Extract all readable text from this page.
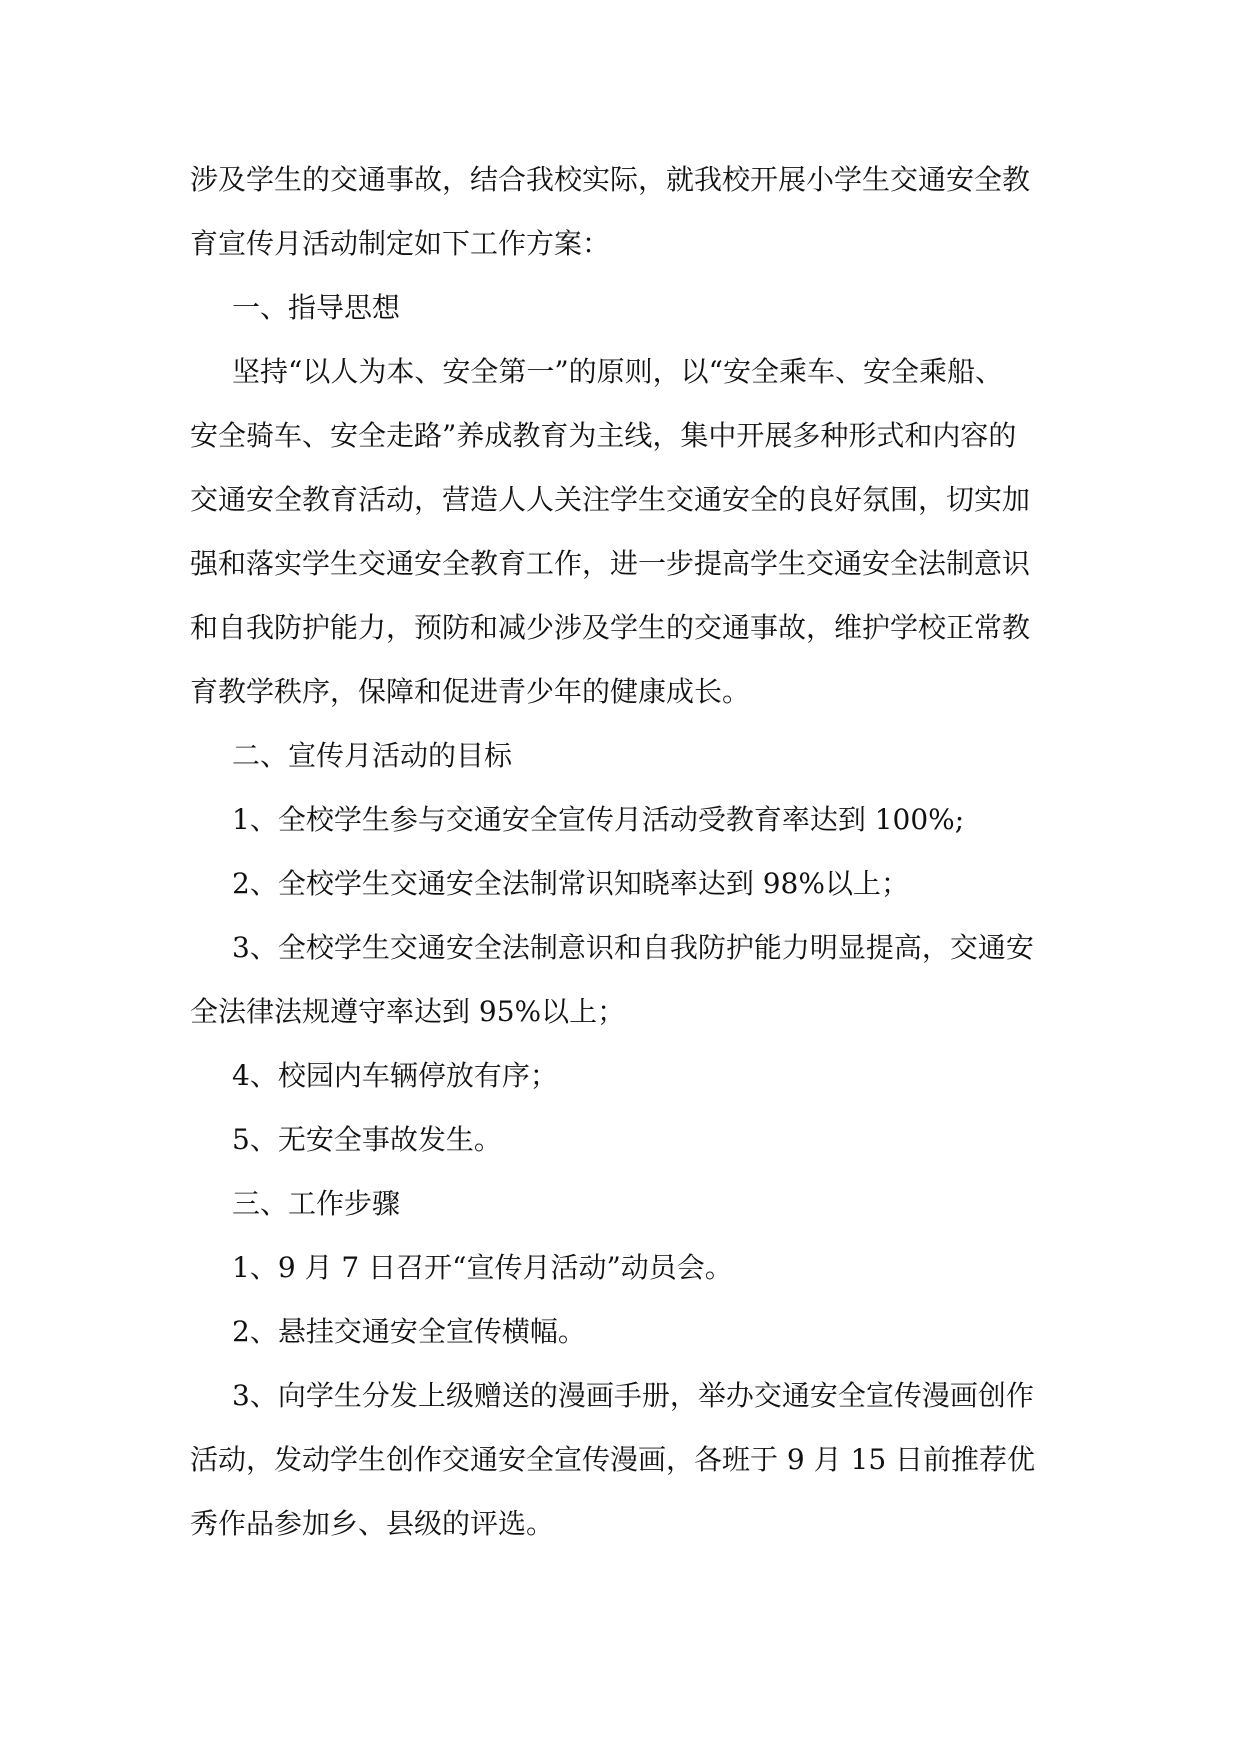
涉及学生的交通事故，结合我校实际，就我校开展小学生交通安全教
育宣传月活动制定如下工作方案：
一、指导思想
坚持“以人为本、安全第一”的原则，以“安全乘车、安全乘船、
安全骑车、安全走路”养成教育为主线，集中开展多种形式和内容的
交通安全教育活动，营造人人关注学生交通安全的良好氛围，切实加
强和落实学生交通安全教育工作，进一步提高学生交通安全法制意识
和自我防护能力，预防和减少涉及学生的交通事故，维护学校正常教
育教学秩序，保障和促进青少年的健康成长。
二、宣传月活动的目标
1、全校学生参与交通安全宣传月活动受教育率达到 100%;
2、全校学生交通安全法制常识知晓率达到 98%以上；
3、全校学生交通安全法制意识和自我防护能力明显提高，交通安
全法律法规遵守率达到 95%以上；
4、校园内车辆停放有序；
5、无安全事故发生。
三、工作步骤
1、9 月 7 日召开“宣传月活动”动员会。
2、悬挂交通安全宣传横幅。
3、向学生分发上级赠送的漫画手册，举办交通安全宣传漫画创作
活动，发动学生创作交通安全宣传漫画，各班于 9 月 15 日前推荐优
秀作品参加乡、县级的评选。
